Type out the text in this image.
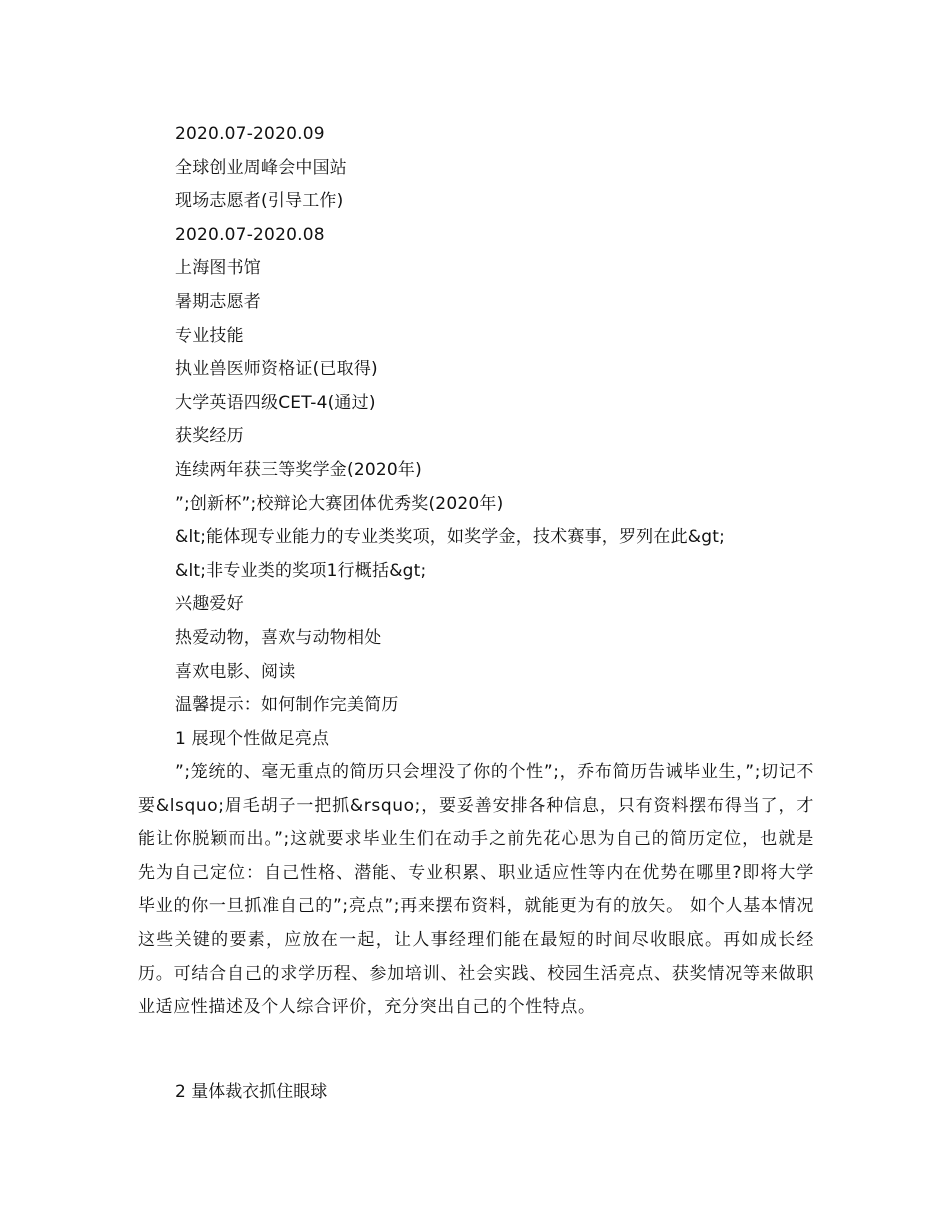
2020.07-2020.09
全球创业周峰会中国站
现场志愿者(引导工作)
2020.07-2020.08
上海图书馆
暑期志愿者
专业技能
执业兽医师资格证(已取得)
大学英语四级CET-4(通过)
获奖经历
连续两年获三等奖学金(2020年)
”;创新杯”;校辩论大赛团体优秀奖(2020年)
&lt;能体现专业能力的专业类奖项，如奖学金，技术赛事，罗列在此&gt;
&lt;非专业类的奖项1行概括&gt;
兴趣爱好
热爱动物，喜欢与动物相处
喜欢电影、阅读
温馨提示：如何制作完美简历
1 展现个性做足亮点
”;笼统的、毫无重点的简历只会埋没了你的个性”;，乔布简历告诫毕业生，”;切记不要&lsquo;眉毛胡子一把抓&rsquo;，要妥善安排各种信息，只有资料摆布得当了，才能让你脱颖而出。”;这就要求毕业生们在动手之前先花心思为自己的简历定位，也就是先为自己定位：自己性格、潜能、专业积累、职业适应性等内在优势在哪里?即将大学毕业的你一旦抓准自己的”;亮点”;再来摆布资料，就能更为有的放矢。 如个人基本情况这些关键的要素，应放在一起，让人事经理们能在最短的时间尽收眼底。再如成长经历。可结合自己的求学历程、参加培训、社会实践、校园生活亮点、获奖情况等来做职业适应性描述及个人综合评价，充分突出自己的个性特点。
2 量体裁衣抓住眼球
